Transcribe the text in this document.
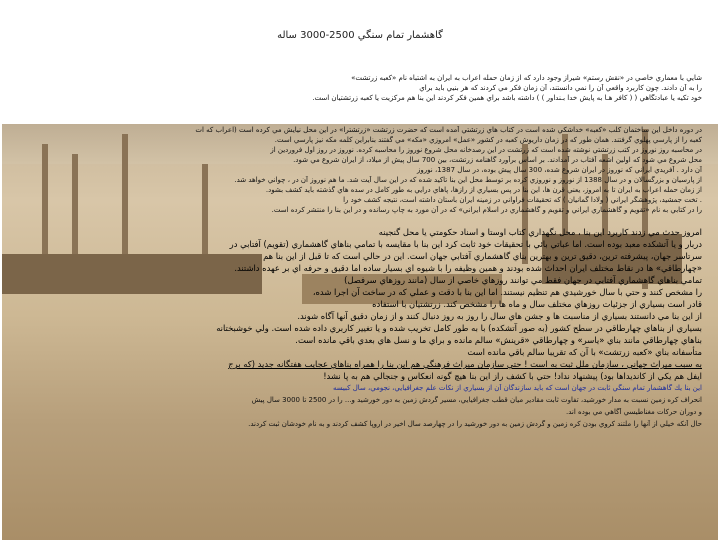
گاهشمار تمام سنگي 2500-3000 ساله
شايي با معماري خاصي در «نقش رستم» شيراز وجود دارد كه از زمان حمله اعراب به ايران به اشتباه نام «كعبه زرتشت»
را به آن دادند. چون كاربرد واقعي آن را نمي دانستند، آن زمان فكر مي كردند كه هر بنيي بايد براي
خود تكيه يا عبادتگاهي ( ( كافر هـا به پايش خدا بـنداور ) ) داشته باشد براي همين فكر كردند اين بنا هم مركزيت يا كعبه زرتشتيان است.
در دوره داخل اين ساختمان كلب «كعبه» خداشكي شده است در كتاب هاي زرتشتي آمده است كه حضرت زرتشت «زرتشترا» در اين محل نيايش مي كرده است (اعراب كه ات
كعبه را از پارسي پهلوي گرفتند. همان طور كه در زمان داريوش كعبه در كشور «عمل» امروزي «مكه» مي گفتند بنابراين كلمه مكه نيز پارسي است.
در محاسبه روز نوروز در كتب زرتشتي نوشته شده است كه زرتشت در اين رصدخانه محل شروع نوروز را محاسبه كرده. نوروز در روز اول فروردين از
محل شروع مي شود كه اولين اشعه آفتاب در آمدادند. بر اساس برآورد گاهنامه زرتشت، بين 700 سال پيش از ميلاد، از ايران شروع مي شود.
آن دارد . آفريدي ايراني كه نوروز در ايران شروع شده، 300 سال پيش بوده، در سال 1387، نوروز
از پارسيان و بزرگسالان و در سال 1388 از نوروز و نوروزي كرده بر توسط محل اين بنا تاكيد شده كه در اين سال آيت شد. ما هم نوروز آن در ، چواني خواهد شد.
از زمان حمله اعراب به ايران تا به امروز، يعني قرن ها، اين بنا در پس بسياري از رازها، پاهاي درايي به طور كامل در سده هاي گذشته بايد كشف بشود.
. تخت جمشيد، پژوهشگر ايراني ( ولادا گمانيان ) كه تحقيقات فراواني در زمينه ايران باستان داشته است، نتيجه كشف خود را
را در كتابي به نام «تقويم و گاهشماري ايراني و تقويم و گاهشماري در اسلام ايراني» كه در آن مورد به چاپ رسانده و در اين بنا را منتشر كرده است.
امروز حدث مي زدند كاربرد اين بنا ، محل نگهداري كتاب اوستا و اسناد حكومتي يا محل گنجينه
دربار و يا آتشكده معبد بوده است. اما عباتي بائي با تحقيقات خود ثابت كرد اين بنا با مقايسه با تمامي بناهاي گاهشماري (تقويم) آفتابي در
سرتاسر جهان، پيشرفته ترين، دقيق ترين و بهترين بناي گاهشماري آفتابي جهان است. اين در حالي است كه تا قبل از اين بنا هم
«چهارطاقي» ها در نقاط مختلف ايران احداث شده بودند و همين وظيفه را با شيوه اي بسيار ساده اما دقيق و حرفه اي بر عهده داشتند.
تمامي بناهاي گاهشماري آفتابي در جهان فقط مي توانند روزهاي خاصي از سال (مانند روزهاي سرفصل)
را مشخص كنند و حتي با سال خورشيدي هم تنظيم نيستند. اما اين بنا با دقت و عملي كه در ساخت آن اجرا شده،
قادر است بسياري از جزئيات روزهاي مختلف سال و ماه ها را مشخص كند. زرتشتيان با استفاده
از اين بنا مي دانستند بسياري از مناسبت ها و جشن هاي سال را روز به روز دنبال كنند و از زمان دقيق آنها آگاه شوند.
بسياري از بناهاي چهارطاقي در سطح كشور (به صور آتشكده) با به طور كامل تخريب شده و يا تغيير كاربري داده شده است. ولي خوشبختانه
بناهاي چهارطاقي مانند بناي «ياسر» و چهارطاقي «قرينش» سالم مانده و براي ما و نسل هاي بعدي باقي مانده است.
متأسفانه بناي «كعبه زرتشت» با آن كه تقريبا سالم باقي مانده است
به سبب ميراث جهاني ، سازمان ملل ثبت به است ! حتي سازمان ميراث فرهنگي هم اين بنا را همراه بناهاي عجايب هفتگانه جديد (كه برج
ايفل هم يكي از كانديداها بود) پيشنهاد نداد! حتي با كشف راز اين بنا هيچ گونه انعكاس و جنجالي هم به پا نشد!
اين بنا يك گاهشمار تمام سنگي ثابت در جهان است كه بايد سازندگان آن از بسياري از نكات علم جغرافيايي، نجومي، سال كبيسه
انحراف كره زمين نسبت به مدار خورشيد، تفاوت ثابت مقادير ميان قطب جغرافيايي، مسير گردش زمين به دور خورشيد و... را در 2500 تا 3000 سال پيش
و دوران حركات مغناطيسي آگاهي مي بوده اند.
حال آنكه خيلي از آنها را ملتند كروي بودن كره زمين و گردش زمين به دور خورشيد را در چهارصد سال اخير در اروپا كشف كردند و به نام خودشان ثبت كردند.
